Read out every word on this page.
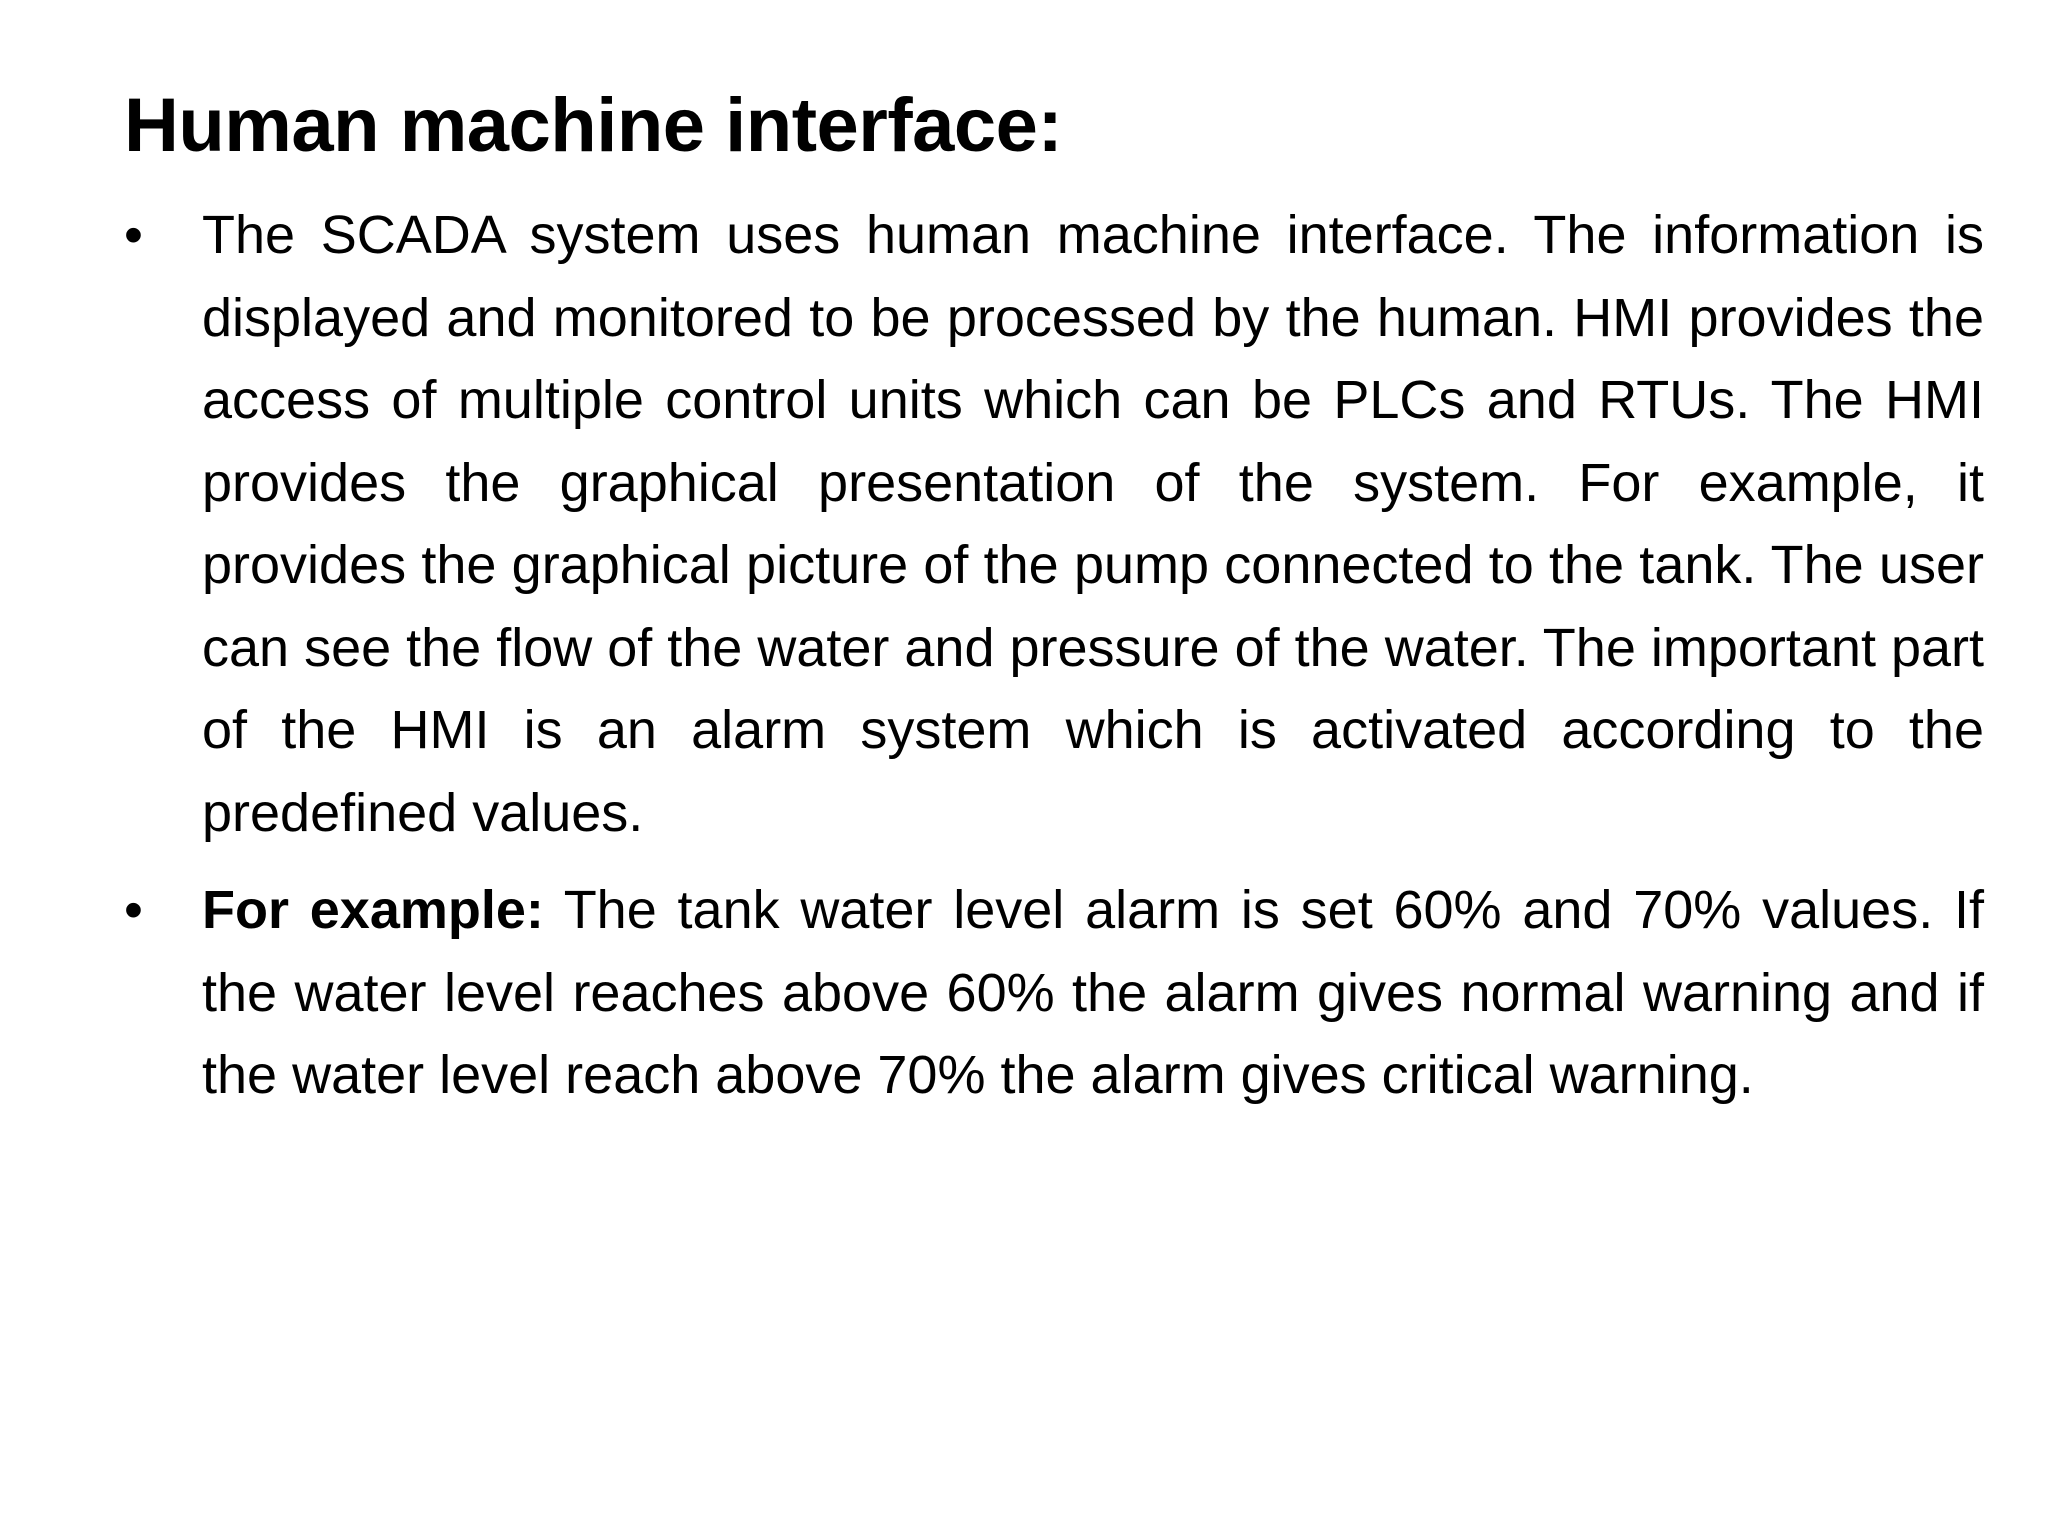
Human machine interface:
• The SCADA system uses human machine interface. The information is displayed and monitored to be processed by the human. HMI provides the access of multiple control units which can be PLCs and RTUs. The HMI provides the graphical presentation of the system. For example, it provides the graphical picture of the pump connected to the tank. The user can see the flow of the water and pressure of the water. The important part of the HMI is an alarm system which is activated according to the predefined values.
• For example: The tank water level alarm is set 60% and 70% values. If the water level reaches above 60% the alarm gives normal warning and if the water level reach above 70% the alarm gives critical warning.
